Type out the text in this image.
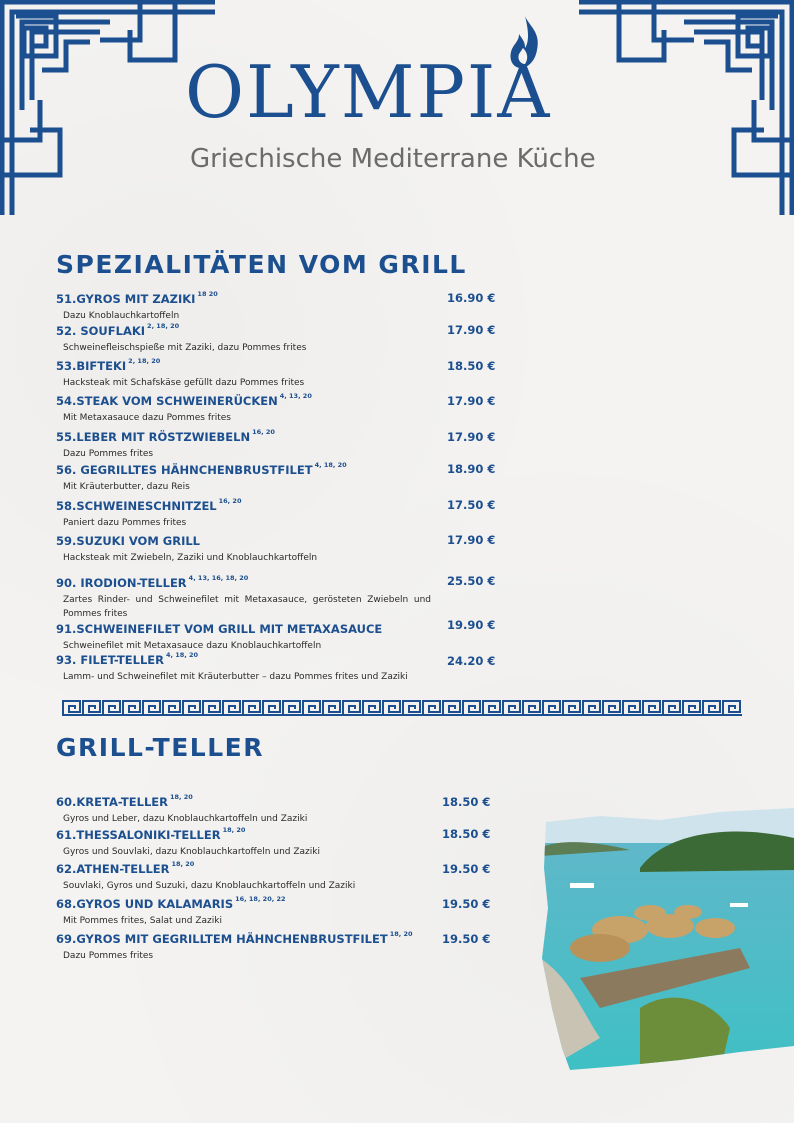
OLYMPIA
Griechische Mediterrane Küche
SPEZIALITÄTEN VOM GRILL
51.GYROS MIT ZAZIKI $^{18 20}$
Dazu Knoblauchkartoffeln
16.90 €
52. SOUFLAKI $^{2, 18, 20}$
Schweinefleischspieße mit Zaziki, dazu Pommes frites
17.90 €
53.BIFTEKI $^{2, 18, 20}$
Hacksteak mit Schafskäse gefüllt dazu Pommes frites
18.50 €
54.STEAK VOM SCHWEINERÜCKEN $^{4, 13, 20}$
Mit Metaxasauce dazu Pommes frites
17.90 €
55.LEBER MIT RÖSTZWIEBELN $^{16, 20}$
Dazu Pommes frites
17.90 €
56. GEGRILLTES HÄHNCHENBRUSTFILET $^{4, 18, 20}$
Mit Kräuterbutter, dazu Reis
18.90 €
58.SCHWEINESCHNITZEL $^{16, 20}$
Paniert dazu Pommes frites
17.50 €
59.SUZUKI VOM GRILL
Hacksteak mit Zwiebeln, Zaziki und Knoblauchkartoffeln
17.90 €
90. IRODION-TELLER $^{4, 13, 16, 18, 20}$
Zartes Rinder- und Schweinefilet mit Metaxasauce, gerösteten Zwiebeln und Pommes frites
25.50 €
91.SCHWEINEFILET VOM GRILL MIT METAXASAUCE
Schweinefilet mit Metaxasauce dazu Knoblauchkartoffeln
19.90 €
93. FILET-TELLER $^{4, 18, 20}$
Lamm- und Schweinefilet mit Kräuterbutter – dazu Pommes frites und Zaziki
24.20 €
GRILL-TELLER
60.KRETA-TELLER $^{18, 20}$
Gyros und Leber, dazu Knoblauchkartoffeln und Zaziki
18.50 €
61.THESSALONIKI-TELLER $^{18, 20}$
Gyros und Souvlaki, dazu Knoblauchkartoffeln und Zaziki
18.50 €
62.ATHEN-TELLER $^{18, 20}$
Souvlaki, Gyros und Suzuki, dazu Knoblauchkartoffeln und Zaziki
19.50 €
68.GYROS UND KALAMARIS $^{16, 18, 20, 22}$
Mit Pommes frites, Salat und Zaziki
19.50 €
69.GYROS MIT GEGRILLTEM HÄHNCHENBRUSTFILET $^{18, 20}$
Dazu Pommes frites
19.50 €
